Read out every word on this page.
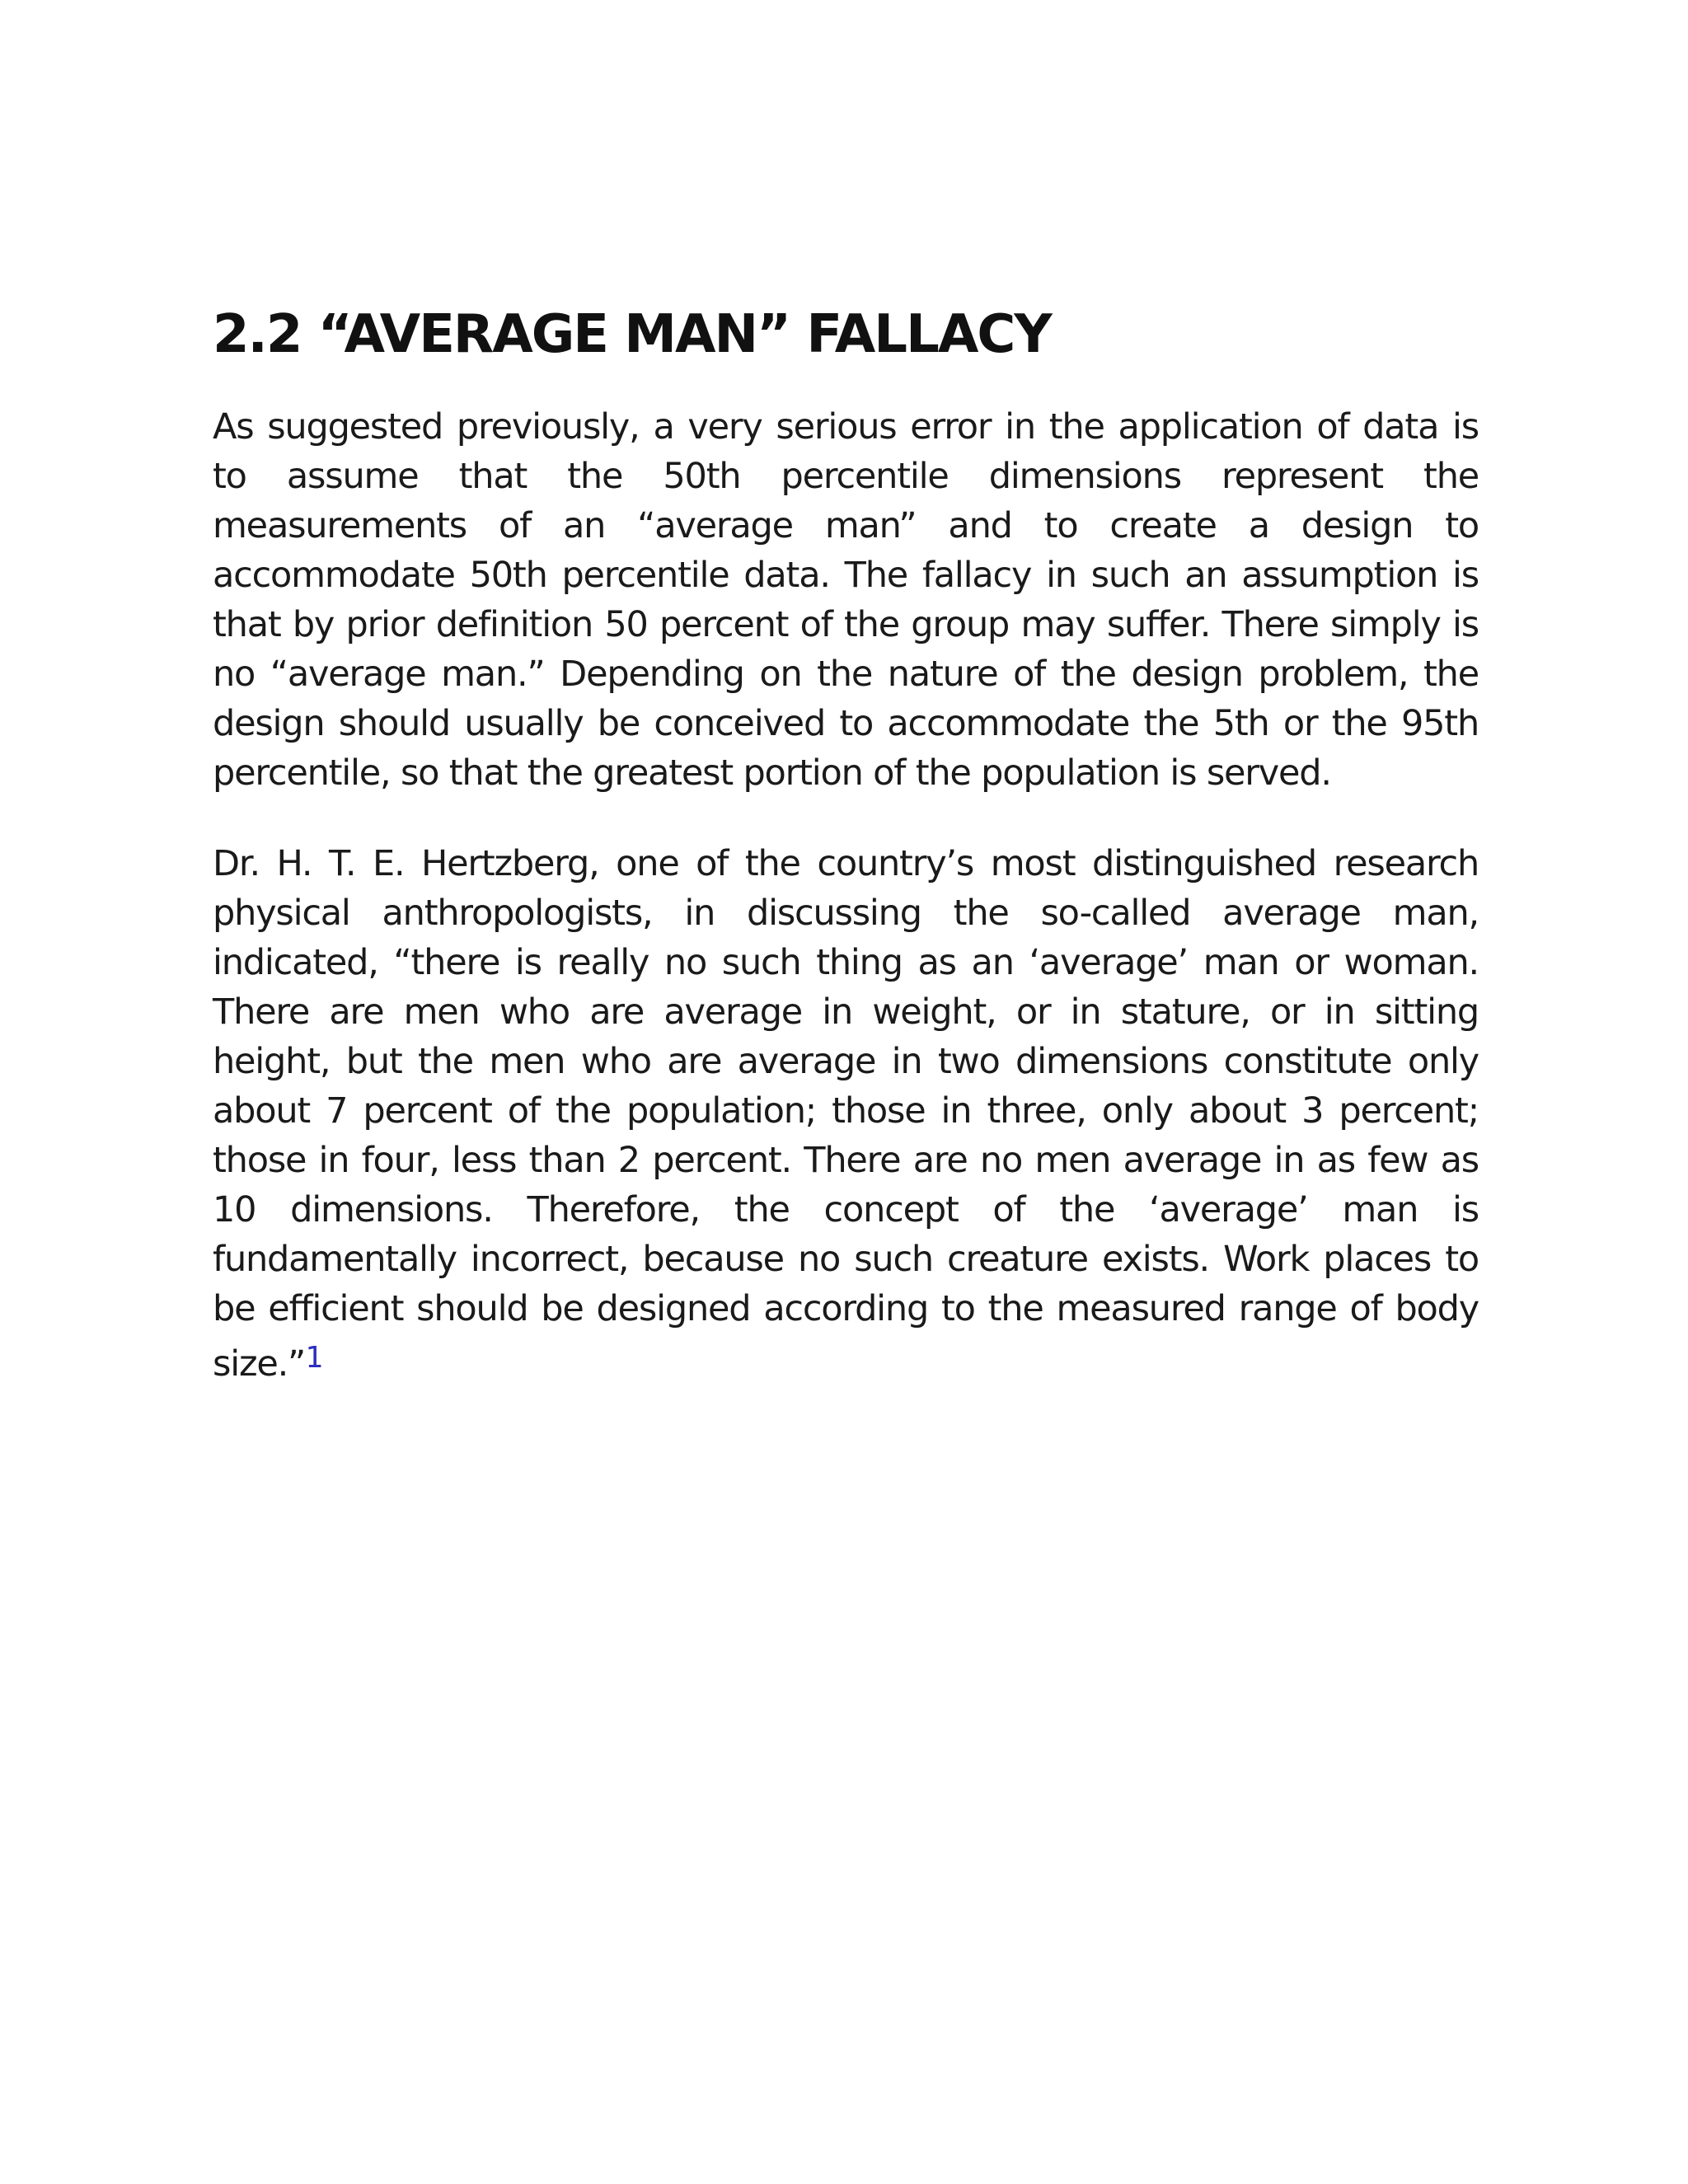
2.2 “AVERAGE MAN” FALLACY

As suggested previously, a very serious error in the application of data is to assume that the 50th percentile dimensions represent the measurements of an “average man” and to create a design to accommodate 50th percentile data. The fallacy in such an assumption is that by prior definition 50 percent of the group may suffer. There simply is no “average man.” Depending on the nature of the design problem, the design should usually be conceived to accommodate the 5th or the 95th percentile, so that the greatest portion of the population is served.

Dr. H. T. E. Hertzberg, one of the country’s most distinguished research physical anthropologists, in discussing the so-called average man, indicated, “there is really no such thing as an ‘average’ man or woman. There are men who are average in weight, or in stature, or in sitting height, but the men who are average in two dimensions constitute only about 7 percent of the population; those in three, only about 3 percent; those in four, less than 2 percent. There are no men average in as few as 10 dimensions. Therefore, the concept of the ‘average’ man is fundamentally incorrect, because no such creature exists. Work places to be efficient should be designed according to the measured range of body size.”$^1$
